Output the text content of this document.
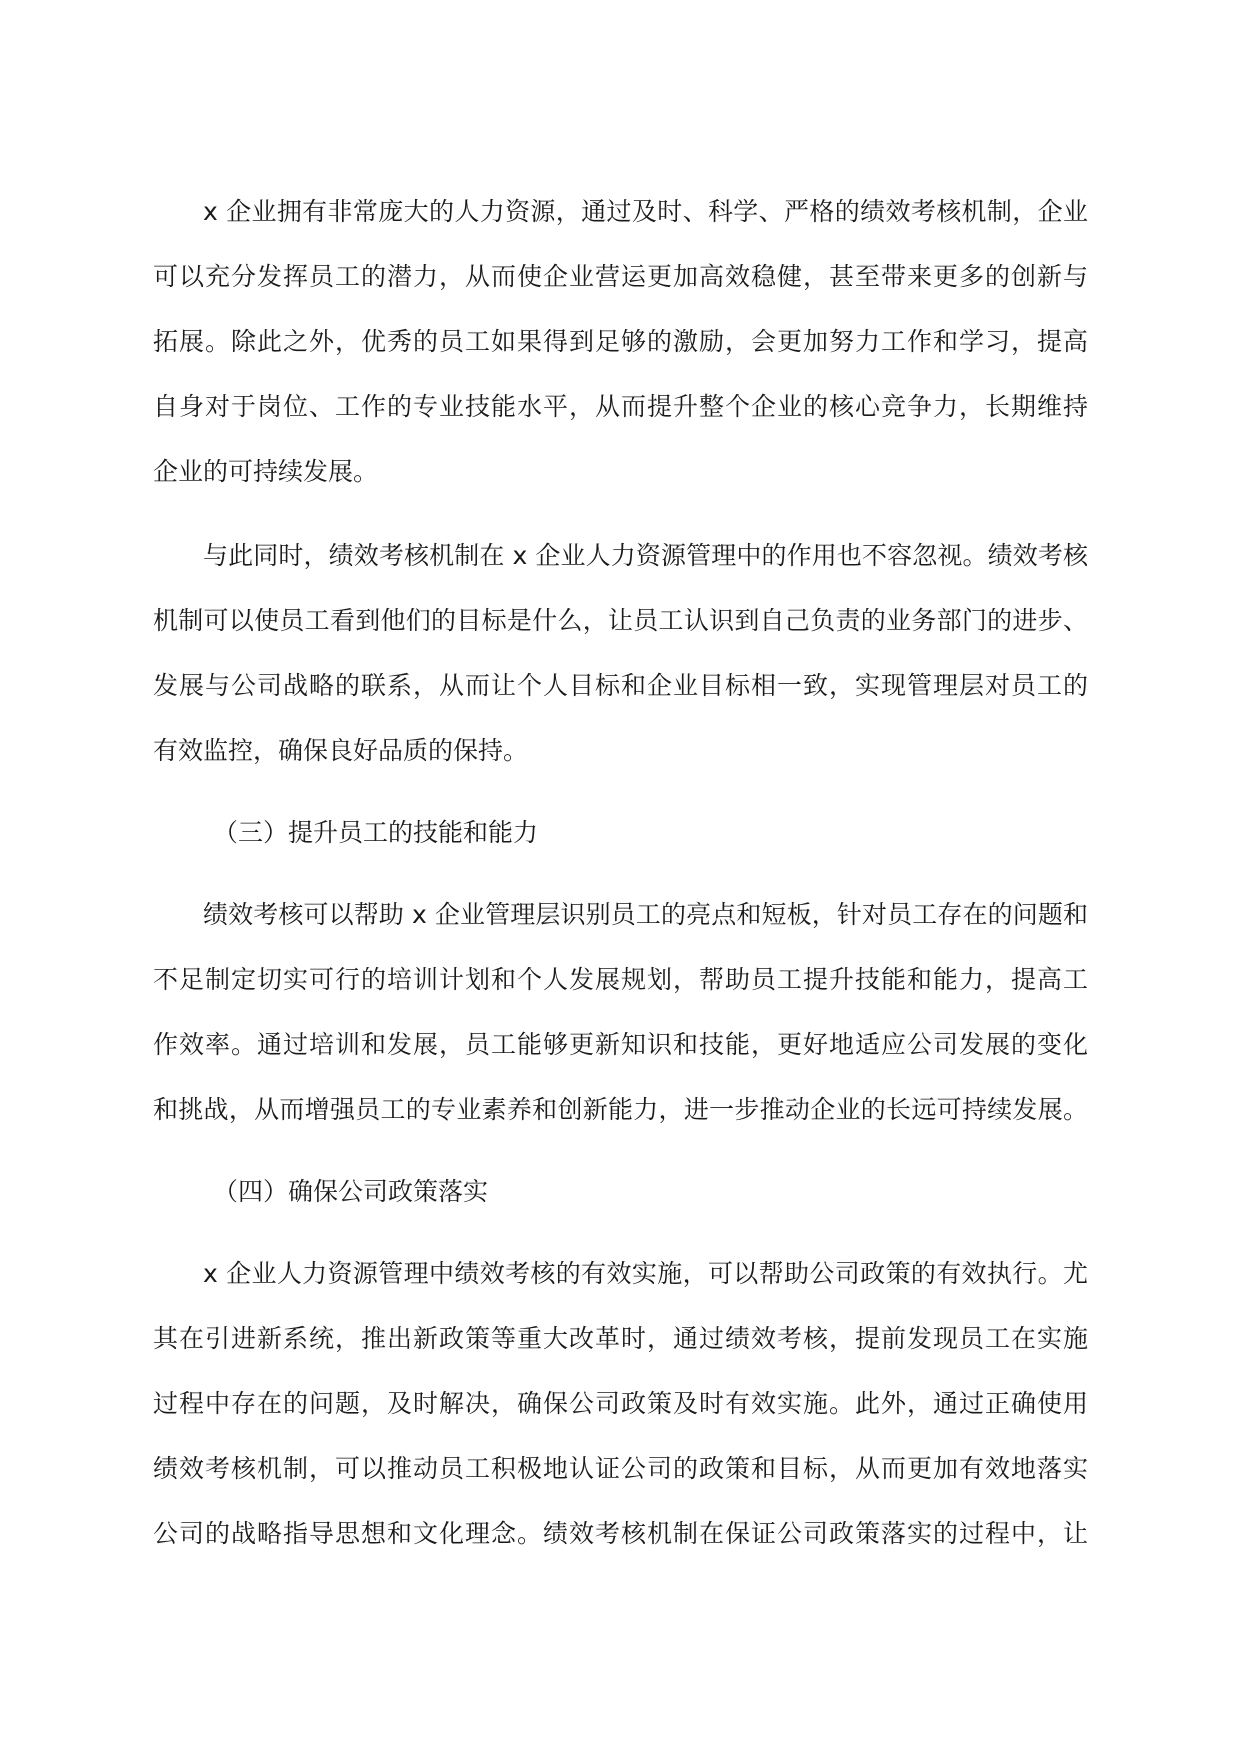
x 企业拥有非常庞大的人力资源，通过及时、科学、严格的绩效考核机制，企业
可以充分发挥员工的潜力，从而使企业营运更加高效稳健，甚至带来更多的创新与
拓展。除此之外，优秀的员工如果得到足够的激励，会更加努力工作和学习，提高
自身对于岗位、工作的专业技能水平，从而提升整个企业的核心竞争力，长期维持
企业的可持续发展。
与此同时，绩效考核机制在 x 企业人力资源管理中的作用也不容忽视。绩效考核
机制可以使员工看到他们的目标是什么，让员工认识到自己负责的业务部门的进步、
发展与公司战略的联系，从而让个人目标和企业目标相一致，实现管理层对员工的
有效监控，确保良好品质的保持。
（三）提升员工的技能和能力
绩效考核可以帮助 x 企业管理层识别员工的亮点和短板，针对员工存在的问题和
不足制定切实可行的培训计划和个人发展规划，帮助员工提升技能和能力，提高工
作效率。通过培训和发展，员工能够更新知识和技能，更好地适应公司发展的变化
和挑战，从而增强员工的专业素养和创新能力，进一步推动企业的长远可持续发展。
（四）确保公司政策落实
x 企业人力资源管理中绩效考核的有效实施，可以帮助公司政策的有效执行。尤
其在引进新系统，推出新政策等重大改革时，通过绩效考核，提前发现员工在实施
过程中存在的问题，及时解决，确保公司政策及时有效实施。此外，通过正确使用
绩效考核机制，可以推动员工积极地认证公司的政策和目标，从而更加有效地落实
公司的战略指导思想和文化理念。绩效考核机制在保证公司政策落实的过程中，让
